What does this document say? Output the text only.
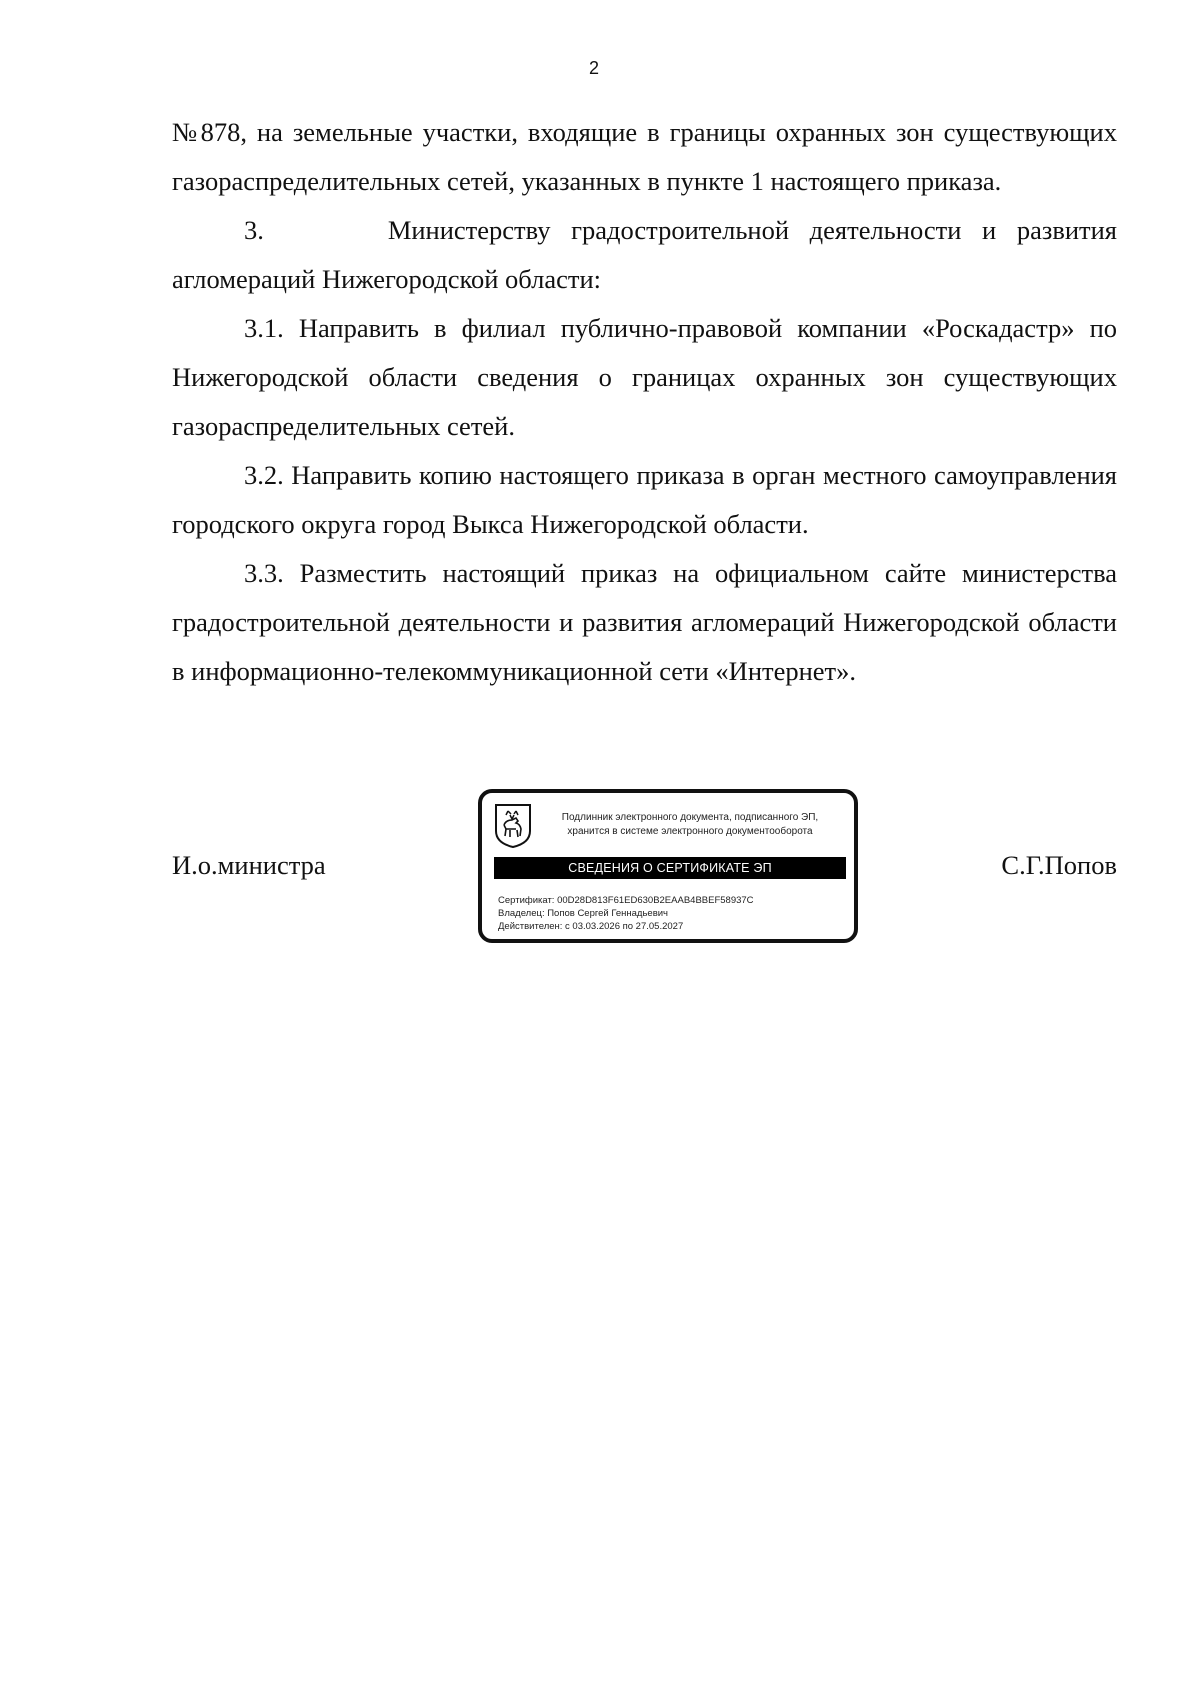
2

№878, на земельные участки, входящие в границы охранных зон существующих газораспределительных сетей, указанных в пункте 1 настоящего приказа.

3.      Министерству градостроительной деятельности и развития агломераций Нижегородской области:

3.1. Направить в филиал публично-правовой компании «Роскадастр» по Нижегородской области сведения о границах охранных зон существующих газораспределительных сетей.

3.2. Направить копию настоящего приказа в орган местного самоуправления городского округа город Выкса Нижегородской области.

3.3. Разместить настоящий приказ на официальном сайте министерства градостроительной деятельности и развития агломераций Нижегородской области в информационно-телекоммуникационной сети «Интернет».

И.о.министра	С.Г.Попов
Подлинник электронного документа, подписанного ЭП,
хранится в системе электронного документооборота
СВЕДЕНИЯ О СЕРТИФИКАТЕ ЭП
Сертификат: 00D28D813F61ED630B2EAAB4BBEF58937C
Владелец: Попов Сергей Геннадьевич
Действителен: с 03.03.2026 по 27.05.2027
